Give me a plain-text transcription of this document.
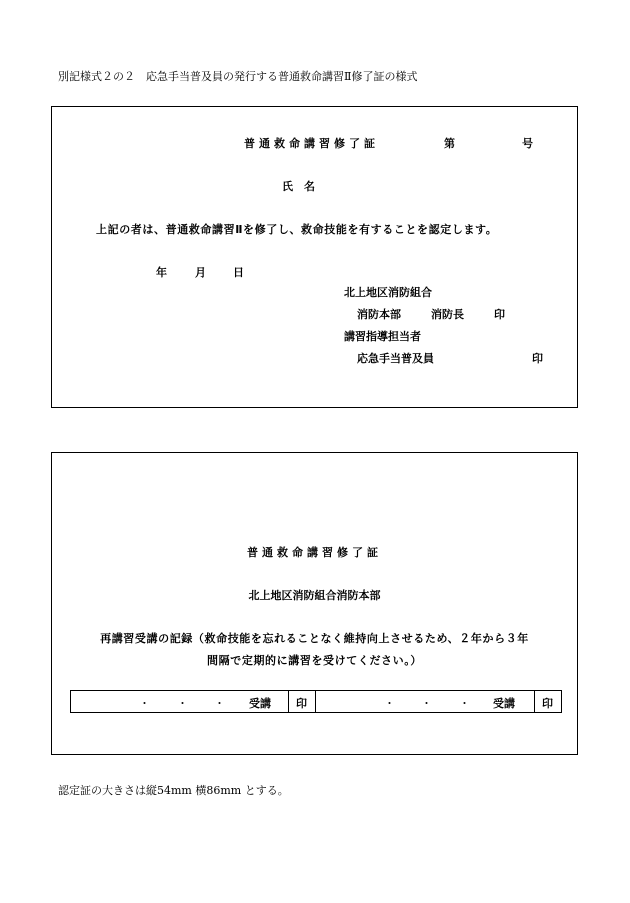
別記様式２の２　応急手当普及員の発行する普通救命講習Ⅱ修了証の様式
普通救命講習修了証	第	号
氏　名
上記の者は、普通救命講習Ⅱを修了し、救命技能を有することを認定します。
年	月 日
北上地区消防組合
消防本部	消防長	印
講習指導担当者
応急手当普及員	印
普通救命講習修了証
北上地区消防組合消防本部
再講習受講の記録（救命技能を忘れることなく維持向上させるため、２年から３年
間隔で定期的に講習を受けてください。）
・ ・ ・ 受講 印	・ ・ ・ 受講 印
認定証の大きさは縦54mm 横86mm とする。
